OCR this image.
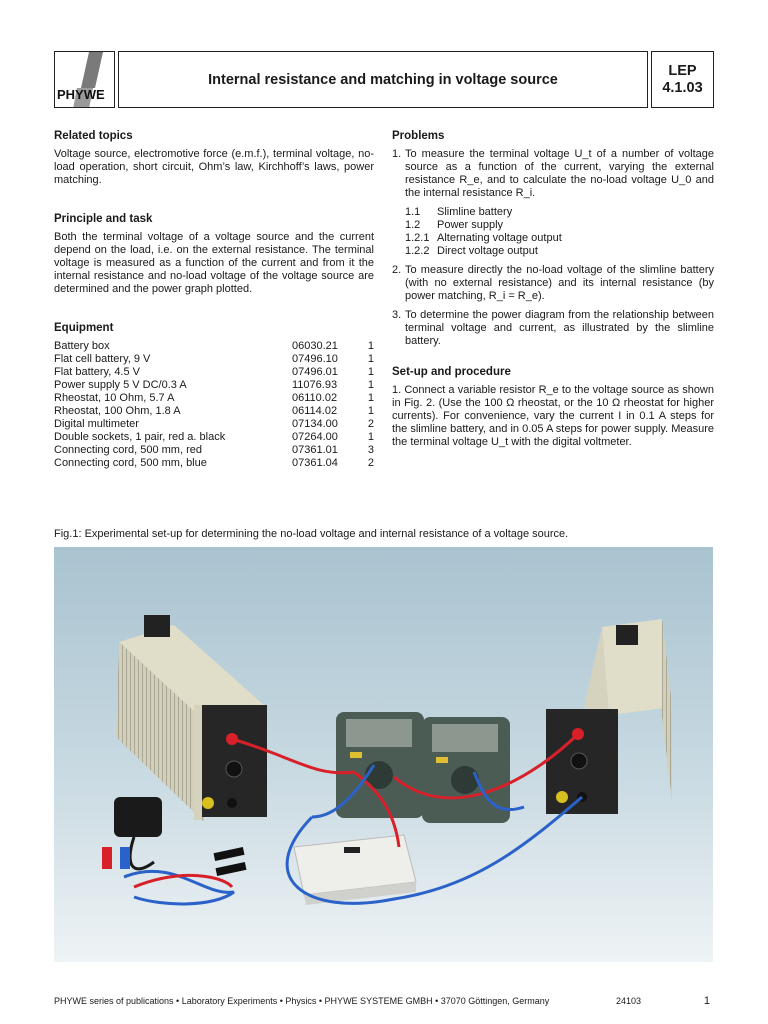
PHYWE
Internal resistance and matching in voltage source
LEP
4.1.03
Related topics

Voltage source, electromotive force (e.m.f.), terminal voltage, no-load operation, short circuit, Ohm’s law, Kirchhoff’s laws, power matching.

Principle and task

Both the terminal voltage of a voltage source and the current depend on the load, i.e. on the external resistance. The terminal voltage is measured as a function of the current and from it the internal resistance and no-load voltage of the voltage source are determined and the power graph plotted.

Equipment
Battery box	06030.21	1
Flat cell battery, 9 V	07496.10	1
Flat battery, 4.5 V	07496.01	1
Power supply 5 V DC/0.3 A	11076.93	1
Rheostat, 10 Ohm, 5.7 A	06110.02	1
Rheostat, 100 Ohm, 1.8 A	06114.02	1
Digital multimeter	07134.00	2
Double sockets, 1 pair, red a. black	07264.00	1
Connecting cord, 500 mm, red	07361.01	3
Connecting cord, 500 mm, blue	07361.04	2
Problems
1. To measure the terminal voltage U_t of a number of voltage source as a function of the current, varying the external resistance R_e, and to calculate the no-load voltage U_0 and the internal resistance R_i.
1.1 Slimline battery
1.2 Power supply
1.2.1 Alternating voltage output
1.2.2 Direct voltage output
2. To measure directly the no-load voltage of the slimline battery (with no external resistance) and its internal resistance (by power matching, R_i = R_e).
3. To determine the power diagram from the relationship between terminal voltage and current, as illustrated by the slimline battery.
Set-up and procedure

1. Connect a variable resistor R_e to the voltage source as shown in Fig. 2. (Use the 100 Ω rheostat, or the 10 Ω rheostat for higher currents). For convenience, vary the current I in 0.1 A steps for the slimline battery, and in 0.05 A steps for power supply. Measure the terminal voltage U_t with the digital voltmeter.

Fig.1: Experimental set-up for determining the no-load voltage and internal resistance of a voltage source.
PHYWE series of publications • Laboratory Experiments • Physics • PHYWE SYSTEME GMBH • 37070 Göttingen, Germany	24103	1
